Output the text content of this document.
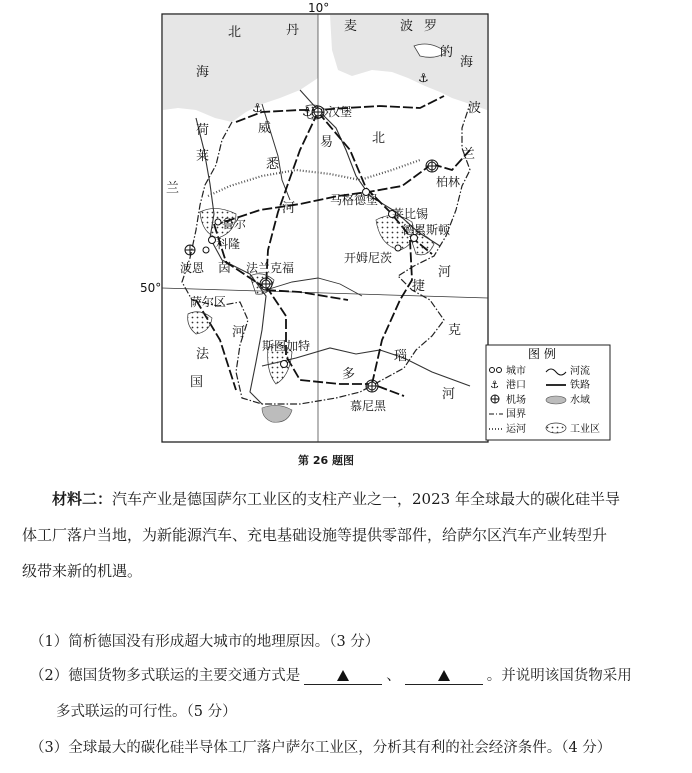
⚓
⚓
⚓
10°
50°
北
海
丹	麦	波 罗
的
海
荷
兰
波
兰
法
国
捷
克
威
悉
河
易	北
河
莱
茵
河
多
瑙
河
汉堡
柏林
马格德堡
莱比锡
德累斯顿
开姆尼茨
鲁尔
科隆
波恩	法兰克福
萨尔区
斯图加特
慕尼黑
图 例
城市	河流
⚓ 港口	铁路
机场	水域
国界
运河	工业区
第 26 题图
材料二：汽车产业是德国萨尔工业区的支柱产业之一，2023 年全球最大的碳化硅半导
体工厂落户当地，为新能源汽车、充电基础设施等提供零部件，给萨尔区汽车产业转型升
级带来新的机遇。
（1）简析德国没有形成超大城市的地理原因。（3 分）
（2）德国货物多式联运的主要交通方式是	、	。并说明该国货物采用
多式联运的可行性。（5 分）
（3）全球最大的碳化硅半导体工厂落户萨尔工业区，分析其有利的社会经济条件。（4 分）
